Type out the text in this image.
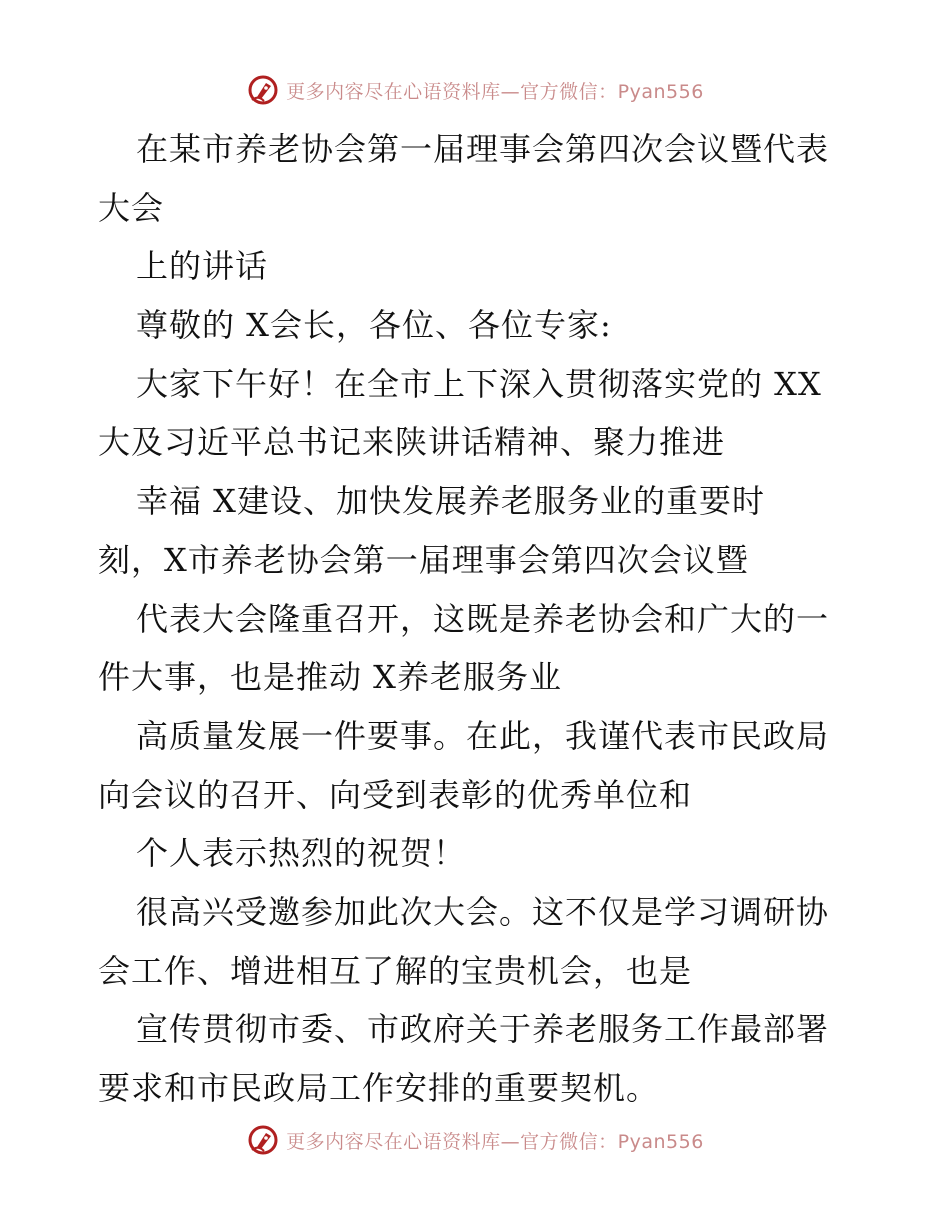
更多内容尽在心语资料库—官方微信：Pyan556
在某市养老协会第一届理事会第四次会议暨代表
大会
上的讲话
尊敬的 X会长，各位、各位专家:
大家下午好！在全市上下深入贯彻落实党的 XX
大及习近平总书记来陕讲话精神、聚力推进
幸福 X建设、加快发展养老服务业的重要时
刻，X市养老协会第一届理事会第四次会议暨
代表大会隆重召开，这既是养老协会和广大的一
件大事，也是推动 X养老服务业
高质量发展一件要事。在此，我谨代表市民政局
向会议的召开、向受到表彰的优秀单位和
个人表示热烈的祝贺！
很高兴受邀参加此次大会。这不仅是学习调研协
会工作、增进相互了解的宝贵机会，也是
宣传贯彻市委、市政府关于养老服务工作最部署
要求和市民政局工作安排的重要契机。
更多内容尽在心语资料库—官方微信：Pyan556
